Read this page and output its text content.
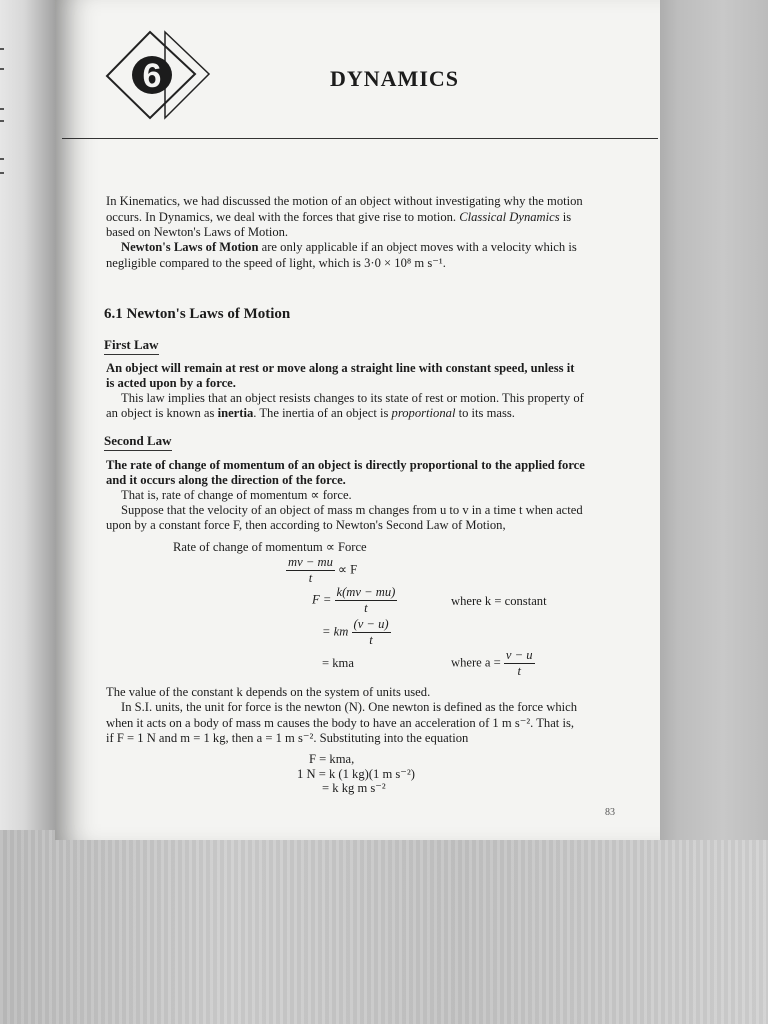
6	DYNAMICS
In Kinematics, we had discussed the motion of an object without investigating why the motion
occurs. In Dynamics, we deal with the forces that give rise to motion. Classical Dynamics is
based on Newton's Laws of Motion.
Newton's Laws of Motion are only applicable if an object moves with a velocity which is
negligible compared to the speed of light, which is 3·0 × 10⁸ m s⁻¹.
6.1 Newton's Laws of Motion
First Law
An object will remain at rest or move along a straight line with constant speed, unless it
is acted upon by a force.
This law implies that an object resists changes to its state of rest or motion. This property of
an object is known as inertia. The inertia of an object is proportional to its mass.
Second Law
The rate of change of momentum of an object is directly proportional to the applied force
and it occurs along the direction of the force.
That is, rate of change of momentum ∝ force.
Suppose that the velocity of an object of mass m changes from u to v in a time t when acted
upon by a constant force F, then according to Newton's Second Law of Motion,
Rate of change of momentum ∝ Force
$\frac{mv - mu}{t} \propto F$
$F = \frac{k(mv - mu)}{t}$	where k = constant
= km $\frac{(v - u)}{t}$
= kma	where $a = \frac{v - u}{t}$
The value of the constant k depends on the system of units used.
In S.I. units, the unit for force is the newton (N). One newton is defined as the force which
when it acts on a body of mass m causes the body to have an acceleration of 1 m s⁻². That is,
if F = 1 N and m = 1 kg, then a = 1 m s⁻². Substituting into the equation
F = kma,
1 N = k (1 kg)(1 m s⁻²)
= k kg m s⁻²
83
